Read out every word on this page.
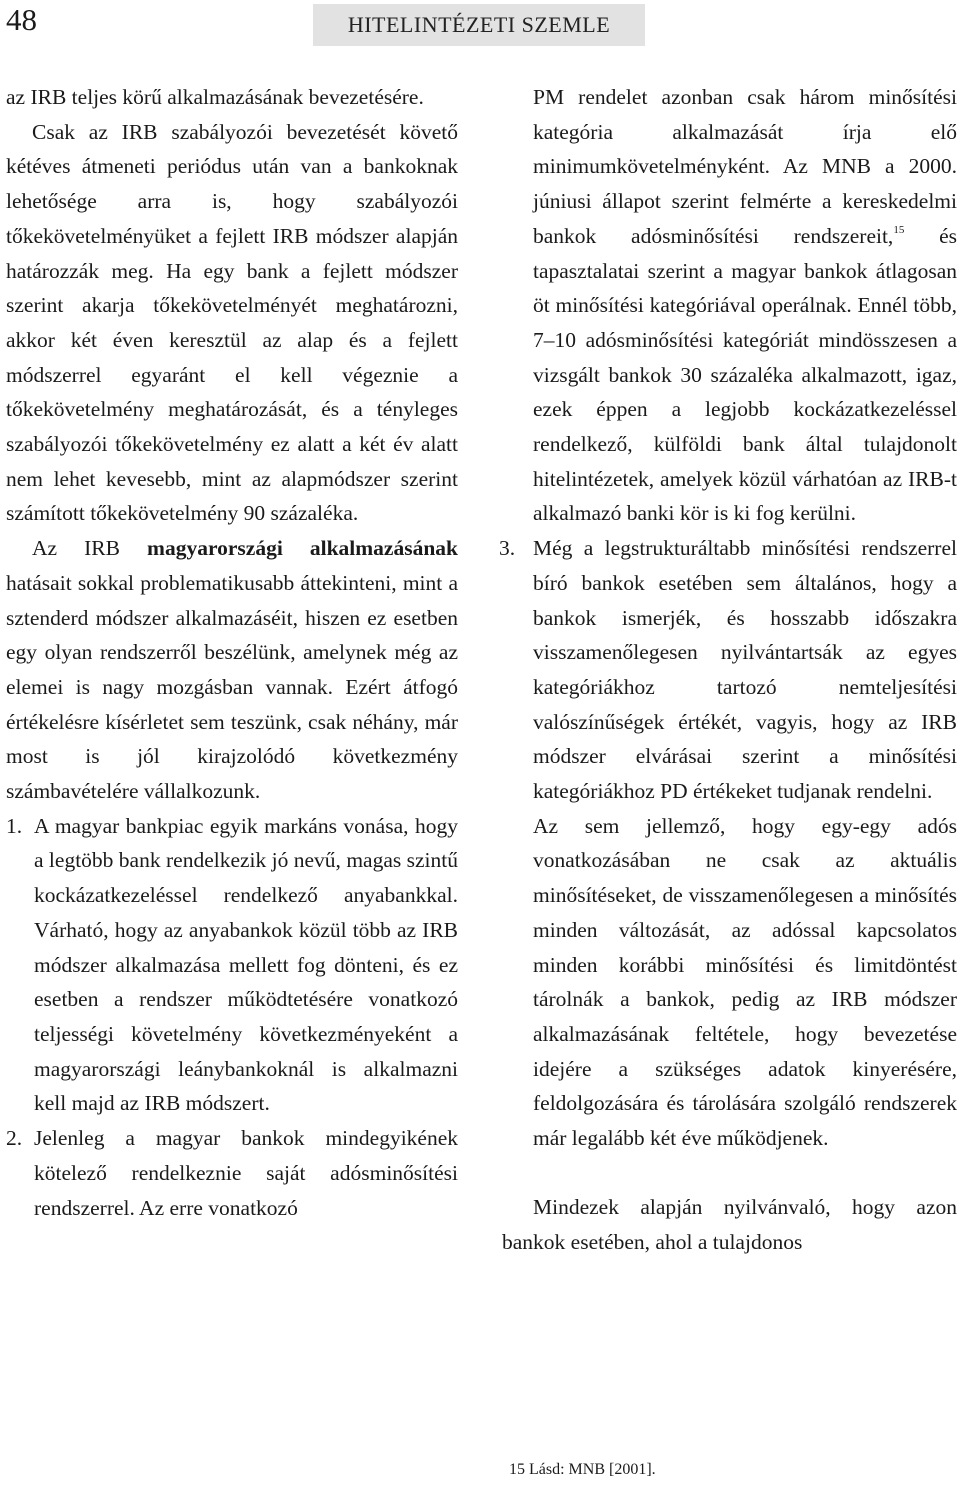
48	HITELINTÉZETI SZEMLE

az IRB teljes körű alkalmazásának bevezetésére.

Csak az IRB szabályozói bevezetését követő kétéves átmeneti periódus után van a bankoknak lehetősége arra is, hogy szabályozói tőkekövetelményüket a fejlett IRB módszer alapján határozzák meg. Ha egy bank a fejlett módszer szerint akarja tőkekövetelményét meghatározni, akkor két éven keresztül az alap és a fejlett módszerrel egyaránt el kell végeznie a tőkekövetelmény meghatározását, és a tényleges szabályozói tőkekövetelmény ez alatt a két év alatt nem lehet kevesebb, mint az alapmódszer szerint számított tőkekövetelmény 90 százaléka.

Az IRB magyarországi alkalmazásának hatásait sokkal problematikusabb áttekinteni, mint a sztenderd módszer alkalmazáséit, hiszen ez esetben egy olyan rendszerről beszélünk, amelynek még az elemei is nagy mozgásban vannak. Ezért átfogó értékelésre kísérletet sem teszünk, csak néhány, már most is jól kirajzolódó következmény számbavételére vállalkozunk.

1. A magyar bankpiac egyik markáns vonása, hogy a legtöbb bank rendelkezik jó nevű, magas szintű kockázatkezeléssel rendelkező anyabankkal. Várható, hogy az anyabankok közül több az IRB módszer alkalmazása mellett fog dönteni, és ez esetben a rendszer működtetésére vonatkozó teljességi követelmény következményeként a magyarországi leánybankoknál is alkalmazni kell majd az IRB módszert.
2. Jelenleg a magyar bankok mindegyikének kötelező rendelkeznie saját adósminősítési rendszerrel. Az erre vonatkozó

PM rendelet azonban csak három minősítési kategória alkalmazását írja elő minimumkövetelményként. Az MNB a 2000. júniusi állapot szerint felmérte a kereskedelmi bankok adósminősítési rendszereit,$^{15}$ és tapasztalatai szerint a magyar bankok átlagosan öt minősítési kategóriával operálnak. Ennél több, 7–10 adósminősítési kategóriát mindösszesen a vizsgált bankok 30 százaléka alkalmazott, igaz, ezek éppen a legjobb kockázatkezeléssel rendelkező, külföldi bank által tulajdonolt hitelintézetek, amelyek közül várhatóan az IRB-t alkalmazó banki kör is ki fog kerülni.

3. Még a legstrukturáltabb minősítési rendszerrel bíró bankok esetében sem általános, hogy a bankok ismerjék, és hosszabb időszakra visszamenőlegesen nyilvántartsák az egyes kategóriákhoz tartozó nemteljesítési valószínűségek értékét, vagyis, hogy az IRB módszer elvárásai szerint a minősítési kategóriákhoz PD értékeket tudjanak rendelni.

Az sem jellemző, hogy egy-egy adós vonatkozásában ne csak az aktuális minősítéseket, de visszamenőlegesen a minősítés minden változását, az adóssal kapcsolatos minden korábbi minősítési és limitdöntést tárolnák a bankok, pedig az IRB módszer alkalmazásának feltétele, hogy bevezetése idejére a szükséges adatok kinyerésére, feldolgozására és tárolására szolgáló rendszerek már legalább két éve működjenek.

Mindezek alapján nyilvánvaló, hogy azon bankok esetében, ahol a tulajdonos

15 Lásd: MNB [2001].
